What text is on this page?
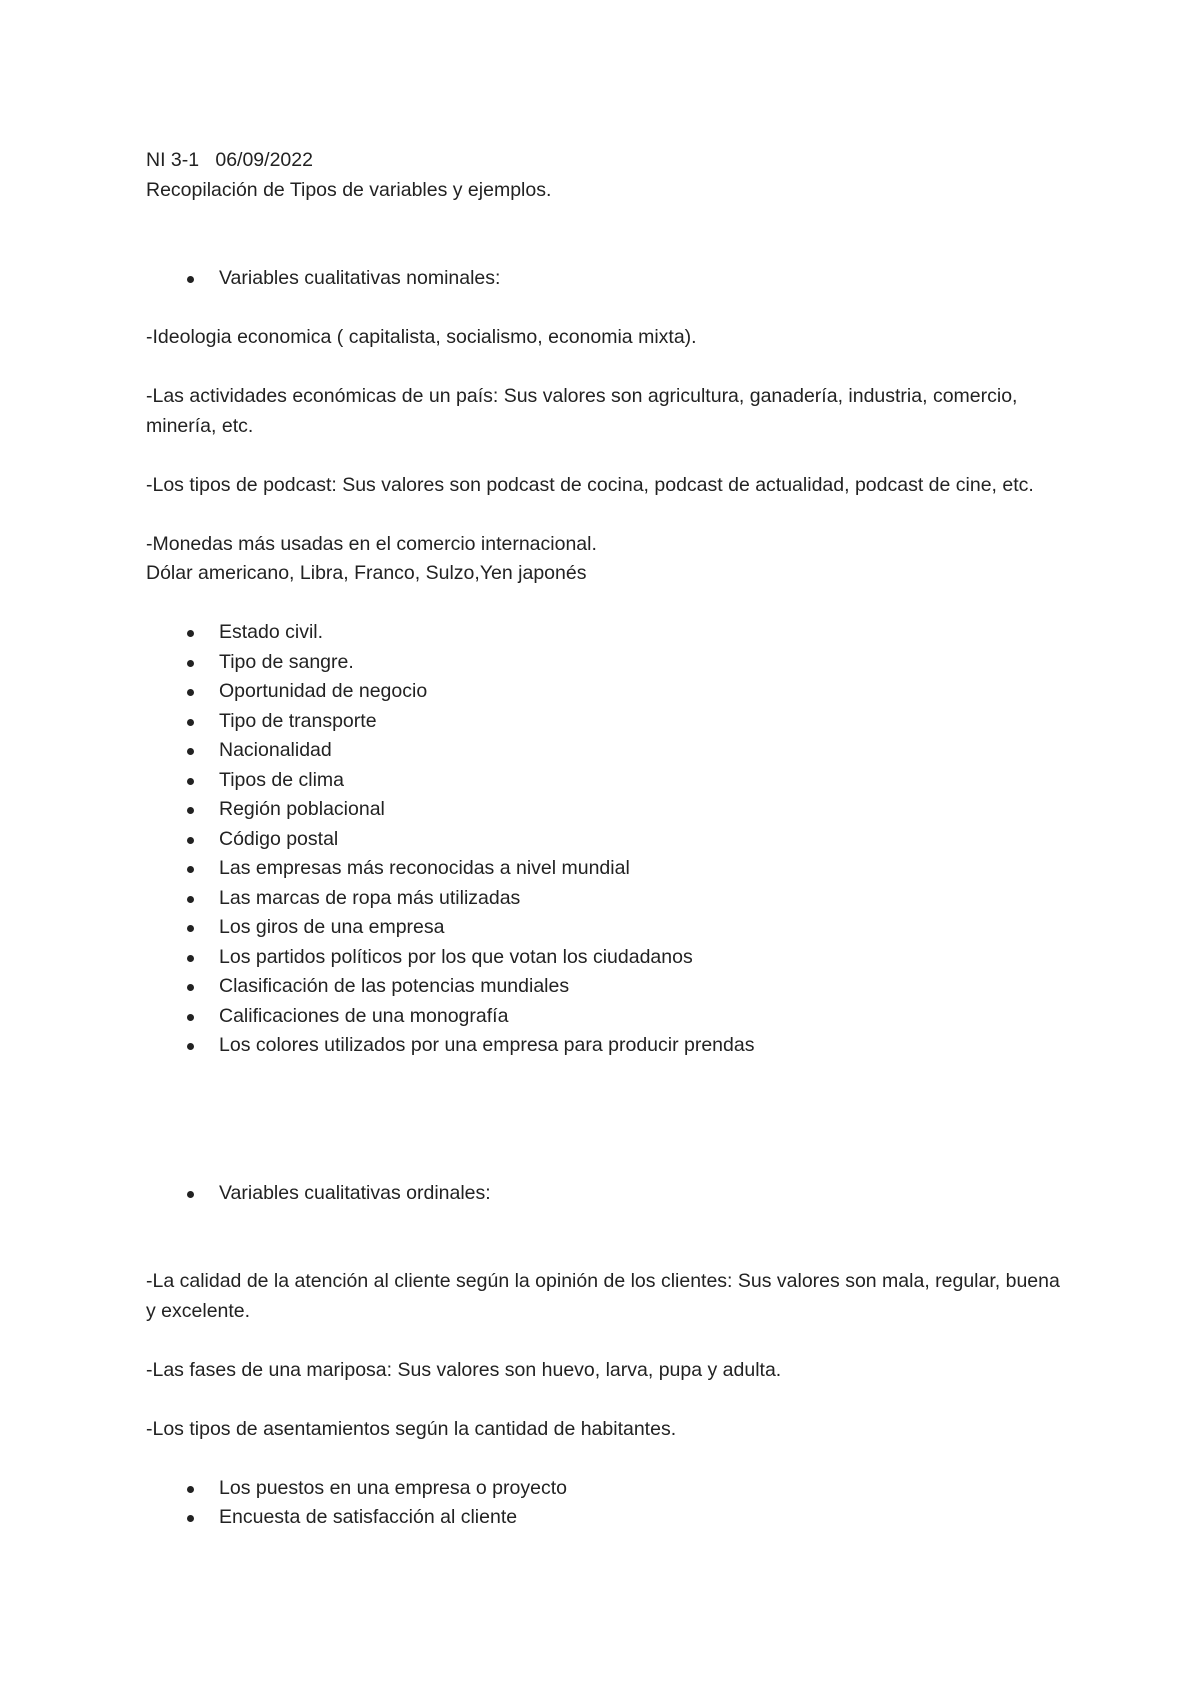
NI 3-1   06/09/2022
Recopilación de Tipos de variables y ejemplos.
Variables cualitativas nominales:

-Ideologia economica ( capitalista, socialismo, economia mixta).

-Las actividades económicas de un país: Sus valores son agricultura, ganadería, industria, comercio, minería, etc.

-Los tipos de podcast: Sus valores son podcast de cocina, podcast de actualidad, podcast de cine, etc.

-Monedas más usadas en el comercio internacional.
Dólar americano, Libra, Franco, Sulzo,Yen japonés
Estado civil.
Tipo de sangre.
Oportunidad de negocio
Tipo de transporte
Nacionalidad
Tipos de clima
Región poblacional
Código postal
Las empresas más reconocidas a nivel mundial
Las marcas de ropa más utilizadas
Los giros de una empresa
Los partidos políticos por los que votan los ciudadanos
Clasificación de las potencias mundiales
Calificaciones de una monografía
Los colores utilizados por una empresa para producir prendas
Variables cualitativas ordinales:

-La calidad de la atención al cliente según la opinión de los clientes: Sus valores son mala, regular, buena y excelente.

-Las fases de una mariposa: Sus valores son huevo, larva, pupa y adulta.

-Los tipos de asentamientos según la cantidad de habitantes.

Los puestos en una empresa o proyecto
Encuesta de satisfacción al cliente
